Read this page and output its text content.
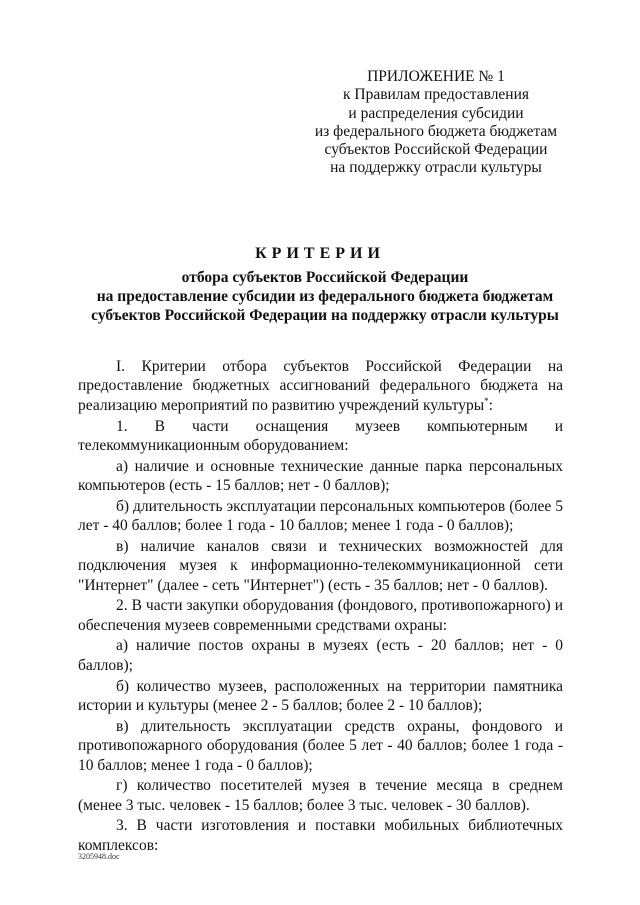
ПРИЛОЖЕНИЕ № 1
к Правилам предоставления
и распределения субсидии
из федерального бюджета бюджетам
субъектов Российской Федерации
на поддержку отрасли культуры
КРИТЕРИИ
отбора субъектов Российской Федерации
на предоставление субсидии из федерального бюджета бюджетам
субъектов Российской Федерации на поддержку отрасли культуры

I. Критерии отбора субъектов Российской Федерации на предоставление бюджетных ассигнований федерального бюджета на реализацию мероприятий по развитию учреждений культуры*:

1. В части оснащения музеев компьютерным и телекоммуникационным оборудованием:

а) наличие и основные технические данные парка персональных компьютеров (есть - 15 баллов; нет - 0 баллов);

б) длительность эксплуатации персональных компьютеров (более 5 лет - 40 баллов; более 1 года - 10 баллов; менее 1 года - 0 баллов);

в) наличие каналов связи и технических возможностей для подключения музея к информационно-телекоммуникационной сети "Интернет" (далее - сеть "Интернет") (есть - 35 баллов; нет - 0 баллов).

2. В части закупки оборудования (фондового, противопожарного) и обеспечения музеев современными средствами охраны:

а) наличие постов охраны в музеях (есть - 20 баллов; нет - 0 баллов);

б) количество музеев, расположенных на территории памятника истории и культуры (менее 2 - 5 баллов; более 2 - 10 баллов);

в) длительность эксплуатации средств охраны, фондового и противопожарного оборудования (более 5 лет - 40 баллов; более 1 года - 10 баллов; менее 1 года - 0 баллов);

г) количество посетителей музея в течение месяца в среднем (менее 3 тыс. человек - 15 баллов; более 3 тыс. человек - 30 баллов).

3. В части изготовления и поставки мобильных библиотечных комплексов:

3205948.doc
